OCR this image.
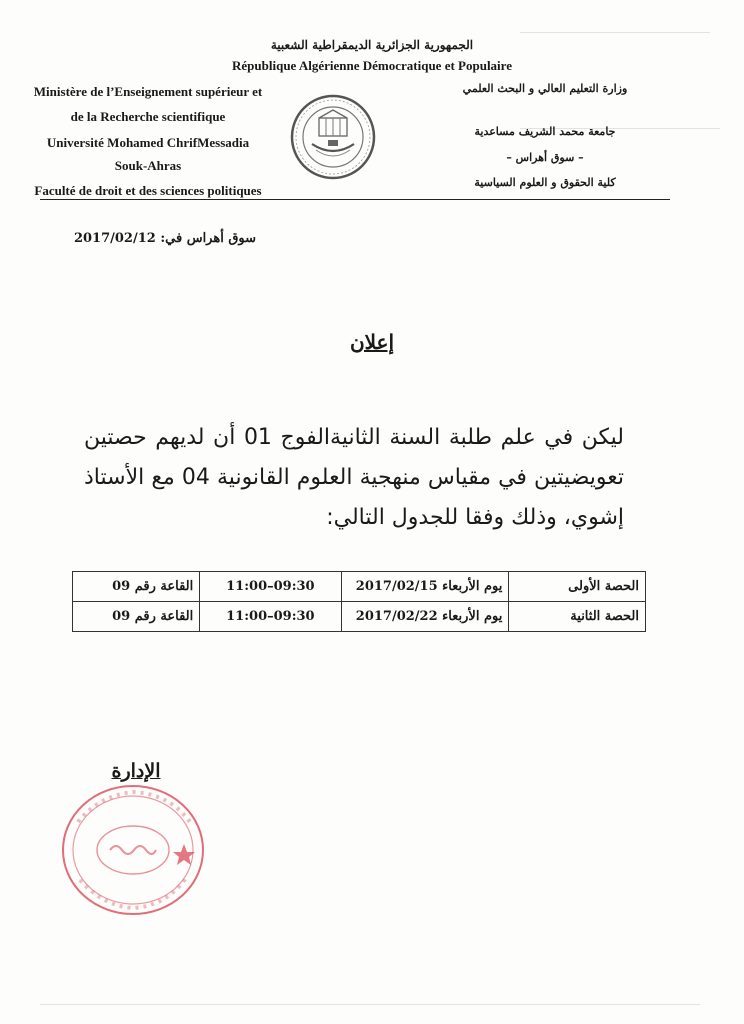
الجمهورية الجزائرية الديمقراطية الشعبية
République Algérienne Démocratique et Populaire
Ministère de l’Enseignement supérieur et
de la Recherche scientifique
Université Mohamed ChrifMessadia
Souk-Ahras
Faculté de droit et des sciences politiques
وزارة التعليم العالي و البحث العلمي
جامعة محمد الشريف مساعدية
– سوق أهراس –
كلية الحقوق و العلوم السياسية
سوق أهراس في: 2017/02/12
إعلان
ليكن في علم طلبة السنة الثانيةالفوج 01 أن لديهم حصتين تعويضيتين في مقياس منهجية العلوم القانونية 04 مع الأستاذ إشوي، وذلك وفقا للجدول التالي:
الحصة الأولى	يوم الأربعاء 2017/02/15	11:00–09:30	القاعة رقم 09
الحصة الثانية	يوم الأربعاء 2017/02/22	11:00–09:30	القاعة رقم 09
الإدارة
